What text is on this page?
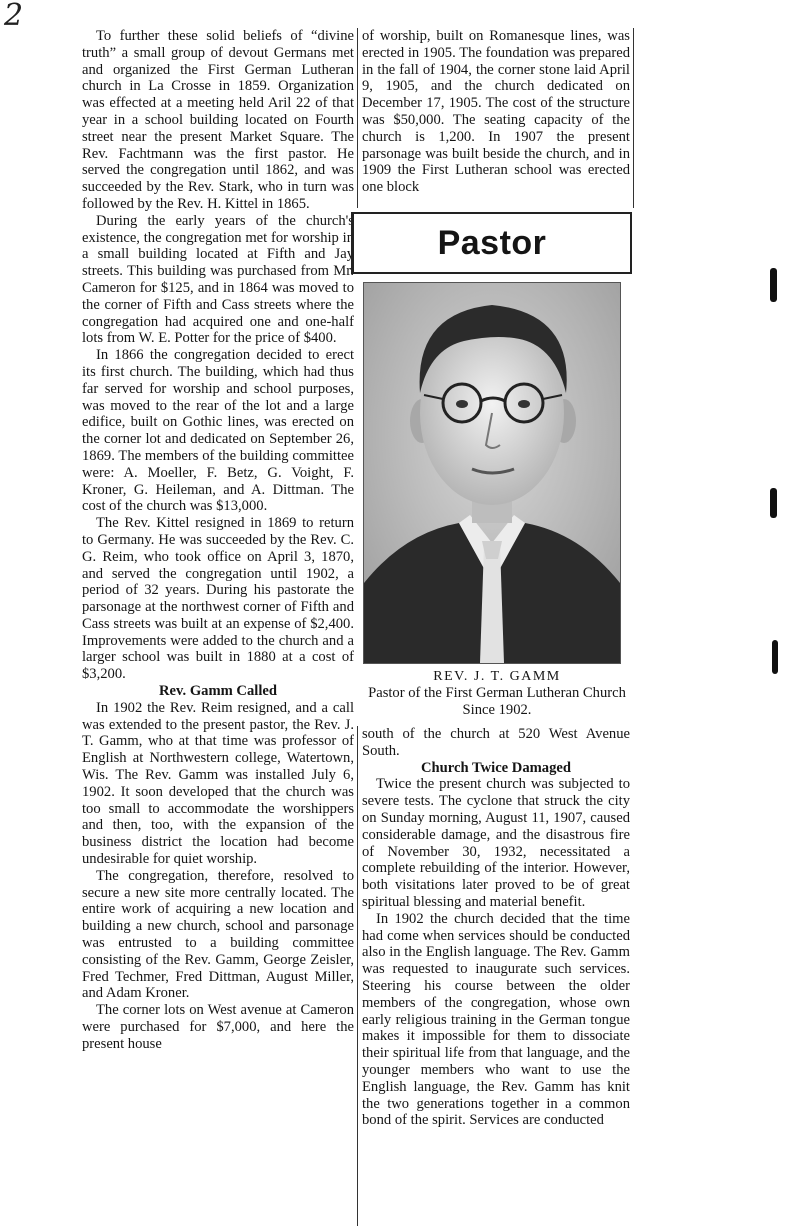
2

To further these solid beliefs of “divine truth” a small group of devout Germans met and organized the First German Lutheran church in La Crosse in 1859. Organization was effected at a meeting held Aril 22 of that year in a school building located on Fourth street near the present Market Square. The Rev. Fachtmann was the first pastor. He served the congregation until 1862, and was succeeded by the Rev. Stark, who in turn was followed by the Rev. H. Kittel in 1865.

During the early years of the church's existence, the congregation met for worship in a small building located at Fifth and Jay streets. This building was purchased from Mr. Cameron for $125, and in 1864 was moved to the corner of Fifth and Cass streets where the congregation had acquired one and one-half lots from W. E. Potter for the price of $400.

In 1866 the congregation decided to erect its first church. The building, which had thus far served for worship and school purposes, was moved to the rear of the lot and a large edifice, built on Gothic lines, was erected on the corner lot and dedicated on September 26, 1869. The members of the building committee were: A. Moeller, F. Betz, G. Voight, F. Kroner, G. Heileman, and A. Dittman. The cost of the church was $13,000.

The Rev. Kittel resigned in 1869 to return to Germany. He was succeeded by the Rev. C. G. Reim, who took office on April 3, 1870, and served the congregation until 1902, a period of 32 years. During his pastorate the parsonage at the northwest corner of Fifth and Cass streets was built at an expense of $2,400. Improvements were added to the church and a larger school was built in 1880 at a cost of $3,200.

Rev. Gamm Called

In 1902 the Rev. Reim resigned, and a call was extended to the present pastor, the Rev. J. T. Gamm, who at that time was professor of English at Northwestern college, Watertown, Wis. The Rev. Gamm was installed July 6, 1902. It soon developed that the church was too small to accommodate the worshippers and then, too, with the expansion of the business district the location had become undesirable for quiet worship.

The congregation, therefore, resolved to secure a new site more centrally located. The entire work of acquiring a new location and building a new church, school and parsonage was entrusted to a building committee consisting of the Rev. Gamm, George Zeisler, Fred Techmer, Fred Dittman, August Miller, and Adam Kroner.

The corner lots on West avenue at Cameron were purchased for $7,000, and here the present house

of worship, built on Romanesque lines, was erected in 1905. The foundation was prepared in the fall of 1904, the corner stone laid April 9, 1905, and the church dedicated on December 17, 1905. The cost of the structure was $50,000. The seating capacity of the church is 1,200. In 1907 the present parsonage was built beside the church, and in 1909 the First Lutheran school was erected one block

Pastor
REV. J. T. GAMM
Pastor of the First German Lutheran Church Since 1902.

south of the church at 520 West Avenue South.

Church Twice Damaged

Twice the present church was subjected to severe tests. The cyclone that struck the city on Sunday morning, August 11, 1907, caused considerable damage, and the disastrous fire of November 30, 1932, necessitated a complete rebuilding of the interior. However, both visitations later proved to be of great spiritual blessing and material benefit.

In 1902 the church decided that the time had come when services should be conducted also in the English language. The Rev. Gamm was requested to inaugurate such services. Steering his course between the older members of the congregation, whose own early religious training in the German tongue makes it impossible for them to dissociate their spiritual life from that language, and the younger members who want to use the English language, the Rev. Gamm has knit the two generations together in a common bond of the spirit. Services are conducted
